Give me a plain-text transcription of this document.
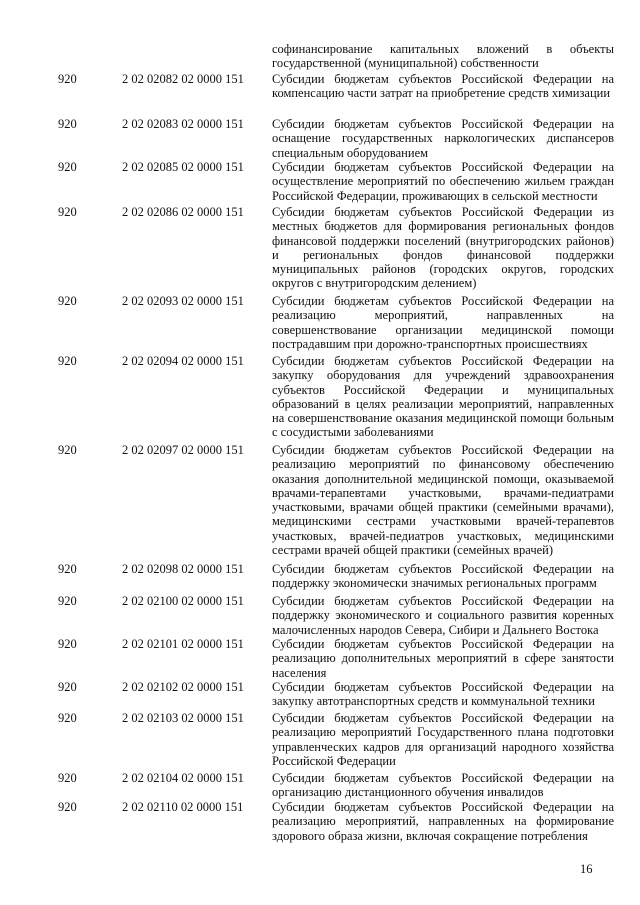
софинансирование капитальных вложений в объекты государственной (муниципальной) собственности
920	2 02 02082 02 0000 151 Субсидии бюджетам субъектов Российской Федерации на компенсацию части затрат на приобретение средств химизации
920	2 02 02083 02 0000 151 Субсидии бюджетам субъектов Российской Федерации на оснащение государственных наркологических диспансеров специальным оборудованием
920	2 02 02085 02 0000 151 Субсидии бюджетам субъектов Российской Федерации на осуществление мероприятий по обеспечению жильем граждан Российской Федерации, проживающих в сельской местности
920	2 02 02086 02 0000 151 Субсидии бюджетам субъектов Российской Федерации из местных бюджетов для формирования региональных фондов финансовой поддержки поселений (внутригородских районов) и региональных фондов финансовой поддержки муниципальных районов (городских округов, городских округов с внутригородским делением)
920	2 02 02093 02 0000 151 Субсидии бюджетам субъектов Российской Федерации на реализацию мероприятий, направленных на совершенствование организации медицинской помощи пострадавшим при дорожно-транспортных происшествиях
920	2 02 02094 02 0000 151 Субсидии бюджетам субъектов Российской Федерации на закупку оборудования для учреждений здравоохранения субъектов Российской Федерации и муниципальных образований в целях реализации мероприятий, направленных на совершенствование оказания медицинской помощи больным с сосудистыми заболеваниями
920	2 02 02097 02 0000 151 Субсидии бюджетам субъектов Российской Федерации на реализацию мероприятий по финансовому обеспечению оказания дополнительной медицинской помощи, оказываемой врачами-терапевтами участковыми, врачами-педиатрами участковыми, врачами общей практики (семейными врачами), медицинскими сестрами участковыми врачей-терапевтов участковых, врачей-педиатров участковых, медицинскими сестрами врачей общей практики (семейных врачей)
920	2 02 02098 02 0000 151 Субсидии бюджетам субъектов Российской Федерации на поддержку экономически значимых региональных программ
920	2 02 02100 02 0000 151 Субсидии бюджетам субъектов Российской Федерации на поддержку экономического и социального развития коренных малочисленных народов Севера, Сибири и Дальнего Востока
920	2 02 02101 02 0000 151 Субсидии бюджетам субъектов Российской Федерации на реализацию дополнительных мероприятий в сфере занятости населения
920	2 02 02102 02 0000 151 Субсидии бюджетам субъектов Российской Федерации на закупку автотранспортных средств и коммунальной техники
920	2 02 02103 02 0000 151 Субсидии бюджетам субъектов Российской Федерации на реализацию мероприятий Государственного плана подготовки управленческих кадров для организаций народного хозяйства Российской Федерации
920	2 02 02104 02 0000 151 Субсидии бюджетам субъектов Российской Федерации на организацию дистанционного обучения инвалидов
920	2 02 02110 02 0000 151 Субсидии бюджетам субъектов Российской Федерации на реализацию мероприятий, направленных на формирование здорового образа жизни, включая сокращение потребления
16
